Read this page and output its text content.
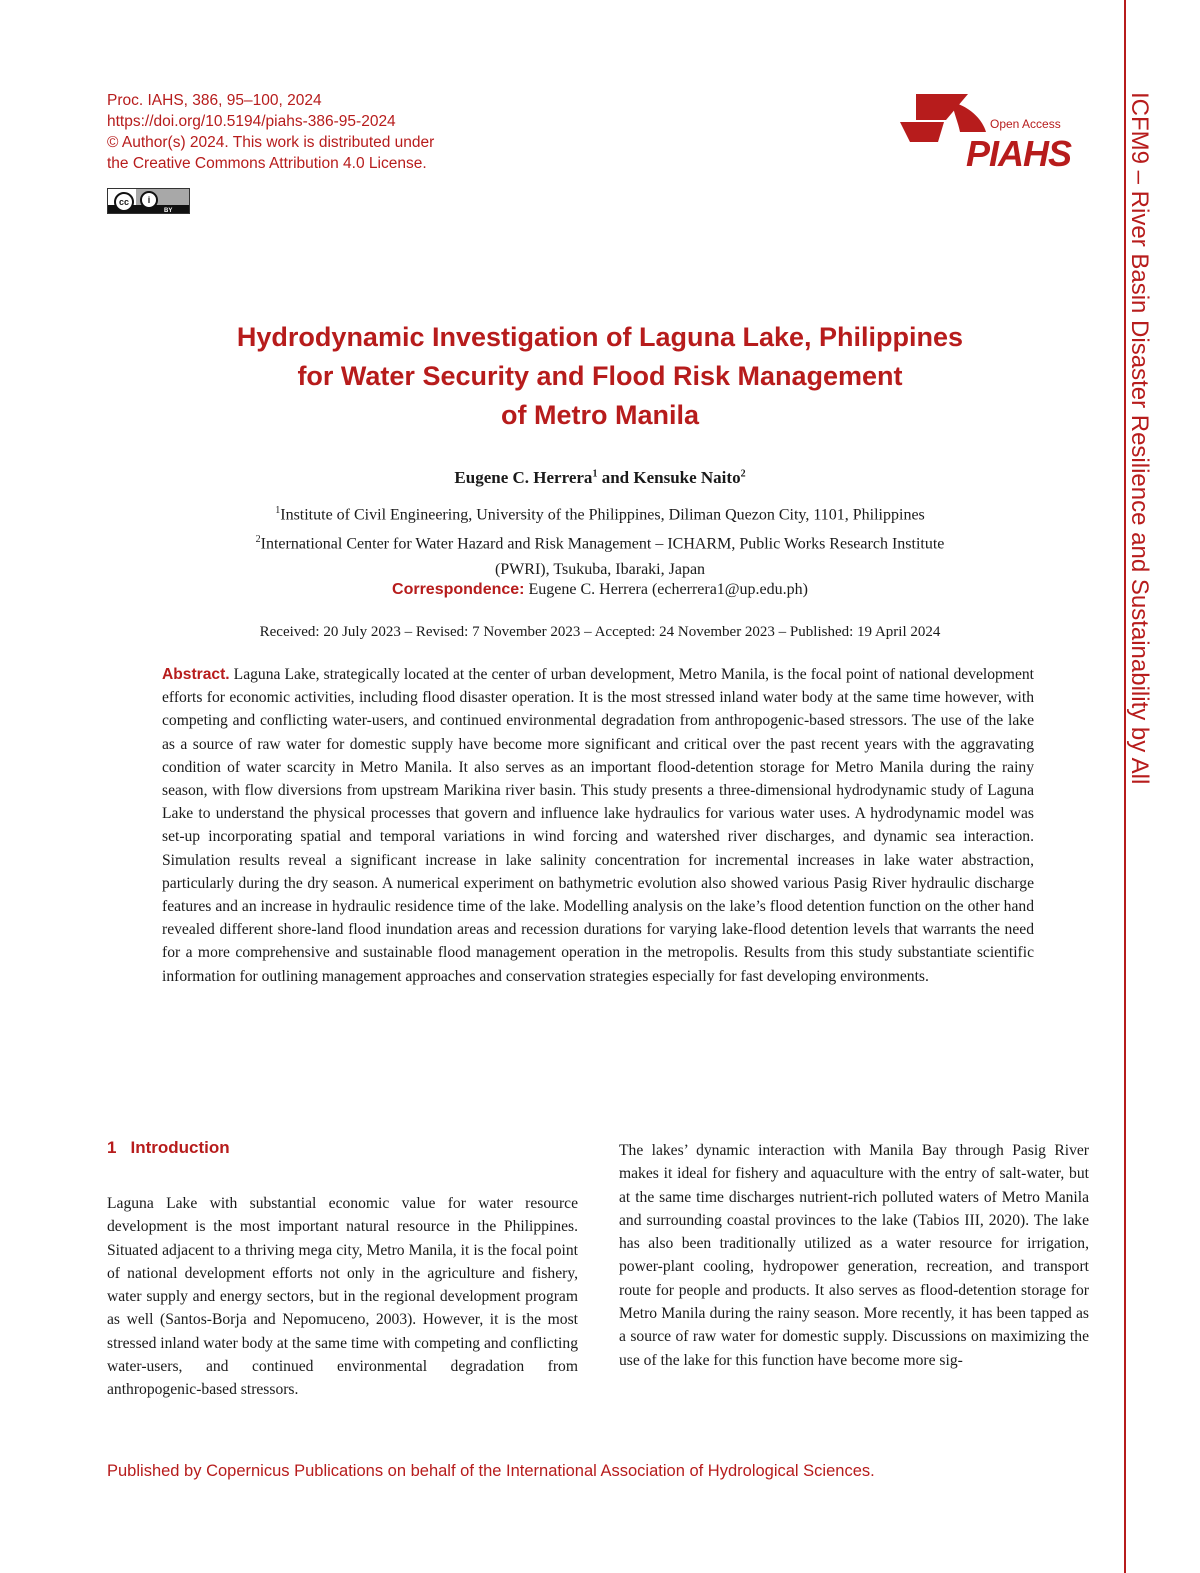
Proc. IAHS, 386, 95–100, 2024
https://doi.org/10.5194/piahs-386-95-2024
© Author(s) 2024. This work is distributed under
the Creative Commons Attribution 4.0 License.
cc	i
BY
Open Access
PIAHS ICFM9 – River Basin Disaster Resilience and Sustainability by All
Hydrodynamic Investigation of Laguna Lake, Philippines
for Water Security and Flood Risk Management
of Metro Manila
Eugene C. Herrera$^1$ and Kensuke Naito$^2$
$^1$Institute of Civil Engineering, University of the Philippines, Diliman Quezon City, 1101, Philippines
$^2$International Center for Water Hazard and Risk Management – ICHARM, Public Works Research Institute
(PWRI), Tsukuba, Ibaraki, Japan
Correspondence: Eugene C. Herrera (echerrera1@up.edu.ph)
Received: 20 July 2023 – Revised: 7 November 2023 – Accepted: 24 November 2023 – Published: 19 April 2024
Abstract. Laguna Lake, strategically located at the center of urban development, Metro Manila, is the focal point of national development efforts for economic activities, including flood disaster operation. It is the most stressed inland water body at the same time however, with competing and conflicting water-users, and continued environmental degradation from anthropogenic-based stressors. The use of the lake as a source of raw water for domestic supply have become more significant and critical over the past recent years with the aggravating condition of water scarcity in Metro Manila. It also serves as an important flood-detention storage for Metro Manila during the rainy season, with flow diversions from upstream Marikina river basin. This study presents a three-dimensional hydrodynamic study of Laguna Lake to understand the physical processes that govern and influence lake hydraulics for various water uses. A hydrodynamic model was set-up incorporating spatial and temporal variations in wind forcing and watershed river discharges, and dynamic sea interaction. Simulation results reveal a significant increase in lake salinity concentration for incremental increases in lake water abstraction, particularly during the dry season. A numerical experiment on bathymetric evolution also showed various Pasig River hydraulic discharge features and an increase in hydraulic residence time of the lake. Modelling analysis on the lake’s flood detention function on the other hand revealed different shore-land flood inundation areas and recession durations for varying lake-flood detention levels that warrants the need for a more comprehensive and sustainable flood management operation in the metropolis. Results from this study substantiate scientific information for outlining management approaches and conservation strategies especially for fast developing environments.
1 Introduction
Laguna Lake with substantial economic value for water resource development is the most important natural resource in the Philippines. Situated adjacent to a thriving mega city, Metro Manila, it is the focal point of national development efforts not only in the agriculture and fishery, water supply and energy sectors, but in the regional development program as well (Santos-Borja and Nepomuceno, 2003). However, it is the most stressed inland water body at the same time with competing and conflicting water-users, and continued environmental degradation from anthropogenic-based stressors.
The lakes’ dynamic interaction with Manila Bay through Pasig River makes it ideal for fishery and aquaculture with the entry of salt-water, but at the same time discharges nutrient-rich polluted waters of Metro Manila and surrounding coastal provinces to the lake (Tabios III, 2020). The lake has also been traditionally utilized as a water resource for irrigation, power-plant cooling, hydropower generation, recreation, and transport route for people and products. It also serves as flood-detention storage for Metro Manila during the rainy season. More recently, it has been tapped as a source of raw water for domestic supply. Discussions on maximizing the use of the lake for this function have become more sig-
Published by Copernicus Publications on behalf of the International Association of Hydrological Sciences.
